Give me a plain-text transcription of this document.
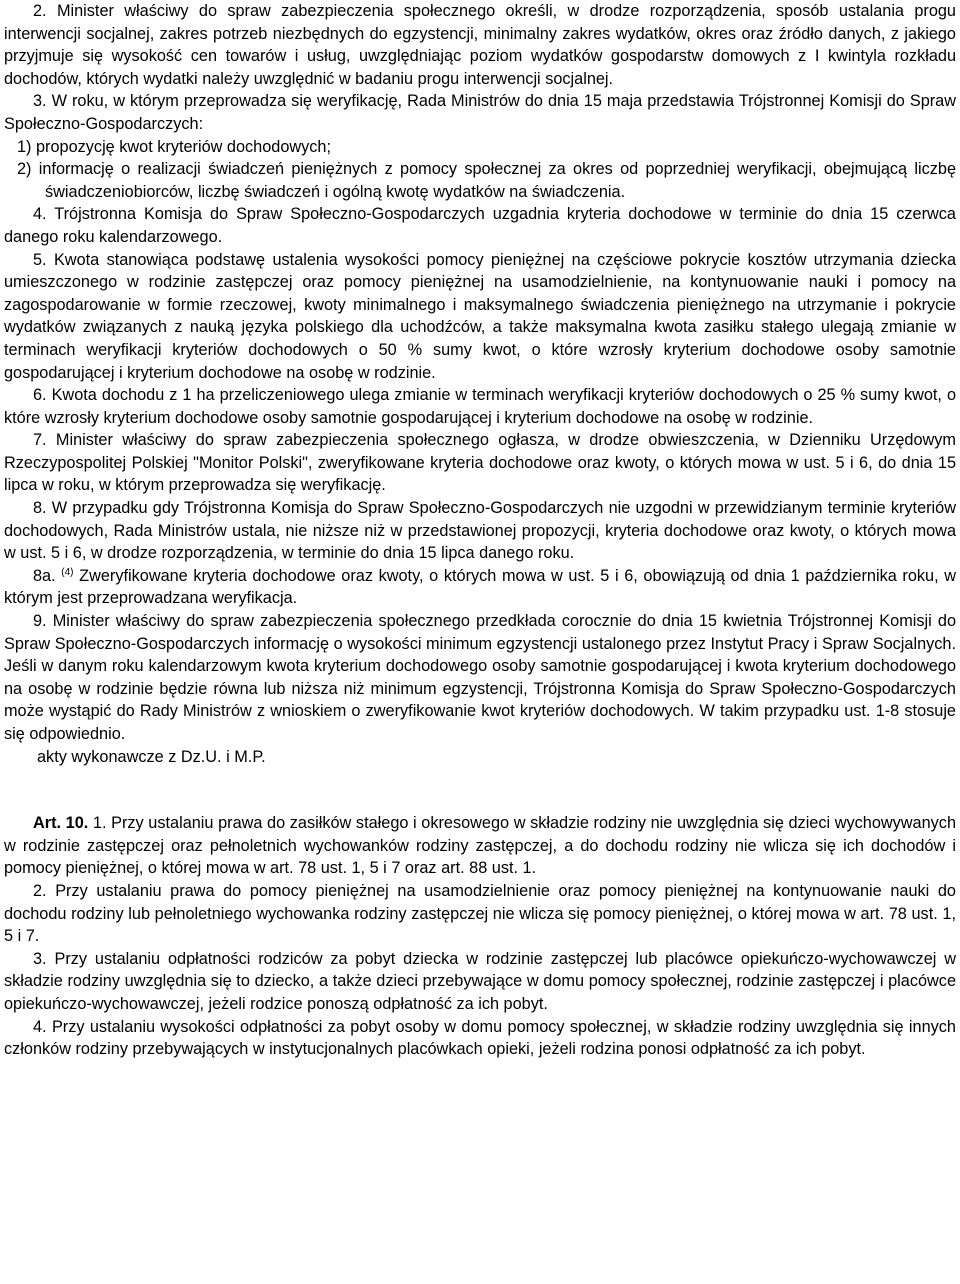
2. Minister właściwy do spraw zabezpieczenia społecznego określi, w drodze rozporządzenia, sposób ustalania progu interwencji socjalnej, zakres potrzeb niezbędnych do egzystencji, minimalny zakres wydatków, okres oraz źródło danych, z jakiego przyjmuje się wysokość cen towarów i usług, uwzględniając poziom wydatków gospodarstw domowych z I kwintyla rozkładu dochodów, których wydatki należy uwzględnić w badaniu progu interwencji socjalnej.

3. W roku, w którym przeprowadza się weryfikację, Rada Ministrów do dnia 15 maja przedstawia Trójstronnej Komisji do Spraw Społeczno-Gospodarczych:

1) propozycję kwot kryteriów dochodowych;

2) informację o realizacji świadczeń pieniężnych z pomocy społecznej za okres od poprzedniej weryfikacji, obejmującą liczbę świadczeniobiorców, liczbę świadczeń i ogólną kwotę wydatków na świadczenia.

4. Trójstronna Komisja do Spraw Społeczno-Gospodarczych uzgadnia kryteria dochodowe w terminie do dnia 15 czerwca danego roku kalendarzowego.

5. Kwota stanowiąca podstawę ustalenia wysokości pomocy pieniężnej na częściowe pokrycie kosztów utrzymania dziecka umieszczonego w rodzinie zastępczej oraz pomocy pieniężnej na usamodzielnienie, na kontynuowanie nauki i pomocy na zagospodarowanie w formie rzeczowej, kwoty minimalnego i maksymalnego świadczenia pieniężnego na utrzymanie i pokrycie wydatków związanych z nauką języka polskiego dla uchodźców, a także maksymalna kwota zasiłku stałego ulegają zmianie w terminach weryfikacji kryteriów dochodowych o 50 % sumy kwot, o które wzrosły kryterium dochodowe osoby samotnie gospodarującej i kryterium dochodowe na osobę w rodzinie.

6. Kwota dochodu z 1 ha przeliczeniowego ulega zmianie w terminach weryfikacji kryteriów dochodowych o 25 % sumy kwot, o które wzrosły kryterium dochodowe osoby samotnie gospodarującej i kryterium dochodowe na osobę w rodzinie.

7. Minister właściwy do spraw zabezpieczenia społecznego ogłasza, w drodze obwieszczenia, w Dzienniku Urzędowym Rzeczypospolitej Polskiej "Monitor Polski", zweryfikowane kryteria dochodowe oraz kwoty, o których mowa w ust. 5 i 6, do dnia 15 lipca w roku, w którym przeprowadza się weryfikację.

8. W przypadku gdy Trójstronna Komisja do Spraw Społeczno-Gospodarczych nie uzgodni w przewidzianym terminie kryteriów dochodowych, Rada Ministrów ustala, nie niższe niż w przedstawionej propozycji, kryteria dochodowe oraz kwoty, o których mowa w ust. 5 i 6, w drodze rozporządzenia, w terminie do dnia 15 lipca danego roku.

8a. $^{(4)}$ Zweryfikowane kryteria dochodowe oraz kwoty, o których mowa w ust. 5 i 6, obowiązują od dnia 1 października roku, w którym jest przeprowadzana weryfikacja.

9. Minister właściwy do spraw zabezpieczenia społecznego przedkłada corocznie do dnia 15 kwietnia Trójstronnej Komisji do Spraw Społeczno-Gospodarczych informację o wysokości minimum egzystencji ustalonego przez Instytut Pracy i Spraw Socjalnych. Jeśli w danym roku kalendarzowym kwota kryterium dochodowego osoby samotnie gospodarującej i kwota kryterium dochodowego na osobę w rodzinie będzie równa lub niższa niż minimum egzystencji, Trójstronna Komisja do Spraw Społeczno-Gospodarczych może wystąpić do Rady Ministrów z wnioskiem o zweryfikowanie kwot kryteriów dochodowych. W takim przypadku ust. 1-8 stosuje się odpowiednio.

akty wykonawcze z Dz.U. i M.P.

Art. 10. 1. Przy ustalaniu prawa do zasiłków stałego i okresowego w składzie rodziny nie uwzględnia się dzieci wychowywanych w rodzinie zastępczej oraz pełnoletnich wychowanków rodziny zastępczej, a do dochodu rodziny nie wlicza się ich dochodów i pomocy pieniężnej, o której mowa w art. 78 ust. 1, 5 i 7 oraz art. 88 ust. 1.

2. Przy ustalaniu prawa do pomocy pieniężnej na usamodzielnienie oraz pomocy pieniężnej na kontynuowanie nauki do dochodu rodziny lub pełnoletniego wychowanka rodziny zastępczej nie wlicza się pomocy pieniężnej, o której mowa w art. 78 ust. 1, 5 i 7.

3. Przy ustalaniu odpłatności rodziców za pobyt dziecka w rodzinie zastępczej lub placówce opiekuńczo-wychowawczej w składzie rodziny uwzględnia się to dziecko, a także dzieci przebywające w domu pomocy społecznej, rodzinie zastępczej i placówce opiekuńczo-wychowawczej, jeżeli rodzice ponoszą odpłatność za ich pobyt.

4. Przy ustalaniu wysokości odpłatności za pobyt osoby w domu pomocy społecznej, w składzie rodziny uwzględnia się innych członków rodziny przebywających w instytucjonalnych placówkach opieki, jeżeli rodzina ponosi odpłatność za ich pobyt.
